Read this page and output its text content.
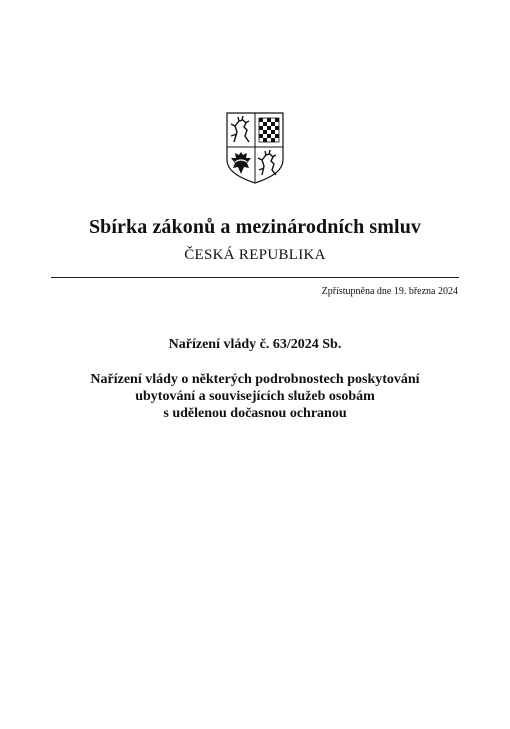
Sbírka zákonů a mezinárodních smluv
ČESKÁ REPUBLIKA
Zpřístupněna dne 19. března 2024
Nařízení vlády č. 63/2024 Sb.
Nařízení vlády o některých podrobnostech poskytování
ubytování a souvisejících služeb osobám
s udělenou dočasnou ochranou
